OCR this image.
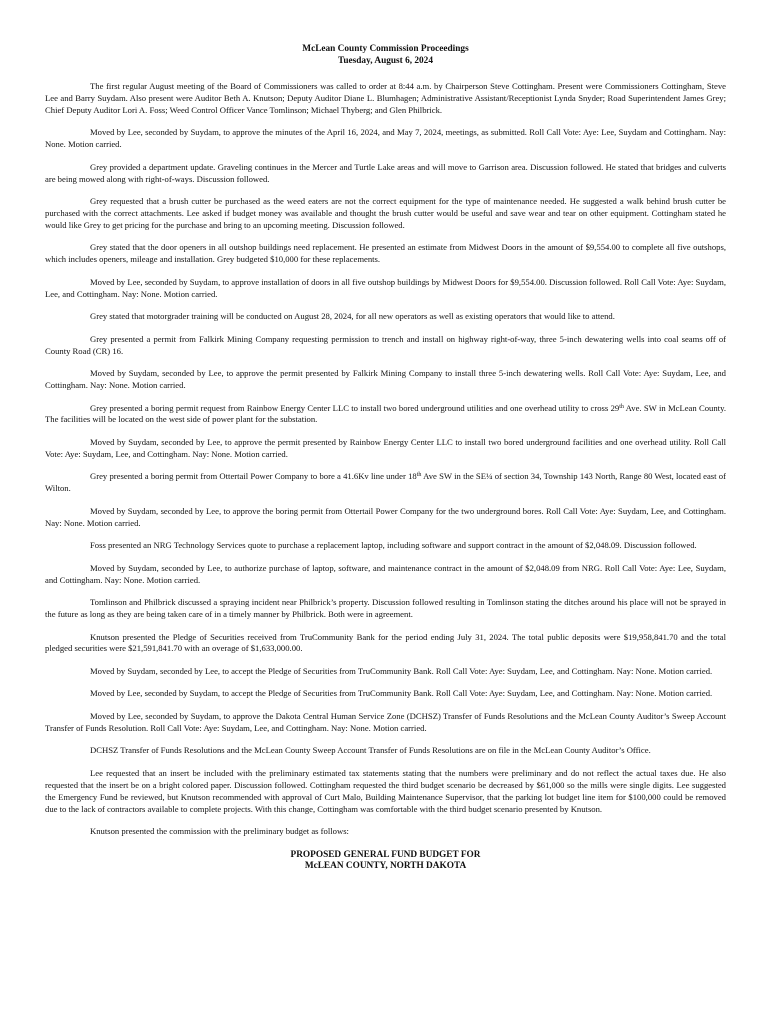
McLean County Commission Proceedings

Tuesday, August 6, 2024

The first regular August meeting of the Board of Commissioners was called to order at 8:44 a.m. by Chairperson Steve Cottingham. Present were Commissioners Cottingham, Steve Lee and Barry Suydam. Also present were Auditor Beth A. Knutson; Deputy Auditor Diane L. Blumhagen; Administrative Assistant/Receptionist Lynda Snyder; Road Superintendent James Grey; Chief Deputy Auditor Lori A. Foss; Weed Control Officer Vance Tomlinson; Michael Thyberg; and Glen Philbrick.

Moved by Lee, seconded by Suydam, to approve the minutes of the April 16, 2024, and May 7, 2024, meetings, as submitted. Roll Call Vote: Aye: Lee, Suydam and Cottingham. Nay: None. Motion carried.

Grey provided a department update. Graveling continues in the Mercer and Turtle Lake areas and will move to Garrison area. Discussion followed. He stated that bridges and culverts are being mowed along with right-of-ways. Discussion followed.

Grey requested that a brush cutter be purchased as the weed eaters are not the correct equipment for the type of maintenance needed. He suggested a walk behind brush cutter be purchased with the correct attachments. Lee asked if budget money was available and thought the brush cutter would be useful and save wear and tear on other equipment. Cottingham stated he would like Grey to get pricing for the purchase and bring to an upcoming meeting. Discussion followed.

Grey stated that the door openers in all outshop buildings need replacement. He presented an estimate from Midwest Doors in the amount of $9,554.00 to complete all five outshops, which includes openers, mileage and installation. Grey budgeted $10,000 for these replacements.

Moved by Lee, seconded by Suydam, to approve installation of doors in all five outshop buildings by Midwest Doors for $9,554.00. Discussion followed. Roll Call Vote: Aye: Suydam, Lee, and Cottingham. Nay: None. Motion carried.

Grey stated that motorgrader training will be conducted on August 28, 2024, for all new operators as well as existing operators that would like to attend.

Grey presented a permit from Falkirk Mining Company requesting permission to trench and install on highway right-of-way, three 5-inch dewatering wells into coal seams off of County Road (CR) 16.

Moved by Suydam, seconded by Lee, to approve the permit presented by Falkirk Mining Company to install three 5-inch dewatering wells. Roll Call Vote: Aye: Suydam, Lee, and Cottingham. Nay: None. Motion carried.

Grey presented a boring permit request from Rainbow Energy Center LLC to install two bored underground utilities and one overhead utility to cross 29th Ave. SW in McLean County. The facilities will be located on the west side of power plant for the substation.

Moved by Suydam, seconded by Lee, to approve the permit presented by Rainbow Energy Center LLC to install two bored underground facilities and one overhead utility. Roll Call Vote: Aye: Suydam, Lee, and Cottingham. Nay: None. Motion carried.

Grey presented a boring permit from Ottertail Power Company to bore a 41.6Kv line under 18th Ave SW in the SE¼ of section 34, Township 143 North, Range 80 West, located east of Wilton.

Moved by Suydam, seconded by Lee, to approve the boring permit from Ottertail Power Company for the two underground bores. Roll Call Vote: Aye: Suydam, Lee, and Cottingham. Nay: None. Motion carried.

Foss presented an NRG Technology Services quote to purchase a replacement laptop, including software and support contract in the amount of $2,048.09. Discussion followed.

Moved by Suydam, seconded by Lee, to authorize purchase of laptop, software, and maintenance contract in the amount of $2,048.09 from NRG. Roll Call Vote: Aye: Lee, Suydam, and Cottingham. Nay: None. Motion carried.

Tomlinson and Philbrick discussed a spraying incident near Philbrick’s property. Discussion followed resulting in Tomlinson stating the ditches around his place will not be sprayed in the future as long as they are being taken care of in a timely manner by Philbrick. Both were in agreement.

Knutson presented the Pledge of Securities received from TruCommunity Bank for the period ending July 31, 2024. The total public deposits were $19,958,841.70 and the total pledged securities were $21,591,841.70 with an overage of $1,633,000.00.

Moved by Suydam, seconded by Lee, to accept the Pledge of Securities from TruCommunity Bank. Roll Call Vote: Aye: Suydam, Lee, and Cottingham. Nay: None. Motion carried.

Moved by Lee, seconded by Suydam, to accept the Pledge of Securities from TruCommunity Bank. Roll Call Vote: Aye: Suydam, Lee, and Cottingham. Nay: None. Motion carried.

Moved by Lee, seconded by Suydam, to approve the Dakota Central Human Service Zone (DCHSZ) Transfer of Funds Resolutions and the McLean County Auditor’s Sweep Account Transfer of Funds Resolution. Roll Call Vote: Aye: Suydam, Lee, and Cottingham. Nay: None. Motion carried.

DCHSZ Transfer of Funds Resolutions and the McLean County Sweep Account Transfer of Funds Resolutions are on file in the McLean County Auditor’s Office.

Lee requested that an insert be included with the preliminary estimated tax statements stating that the numbers were preliminary and do not reflect the actual taxes due. He also requested that the insert be on a bright colored paper. Discussion followed. Cottingham requested the third budget scenario be decreased by $61,000 so the mills were single digits. Lee suggested the Emergency Fund be reviewed, but Knutson recommended with approval of Curt Malo, Building Maintenance Supervisor, that the parking lot budget line item for $100,000 could be removed due to the lack of contractors available to complete projects. With this change, Cottingham was comfortable with the third budget scenario presented by Knutson.

Knutson presented the commission with the preliminary budget as follows:

PROPOSED GENERAL FUND BUDGET FOR

McLEAN COUNTY, NORTH DAKOTA
